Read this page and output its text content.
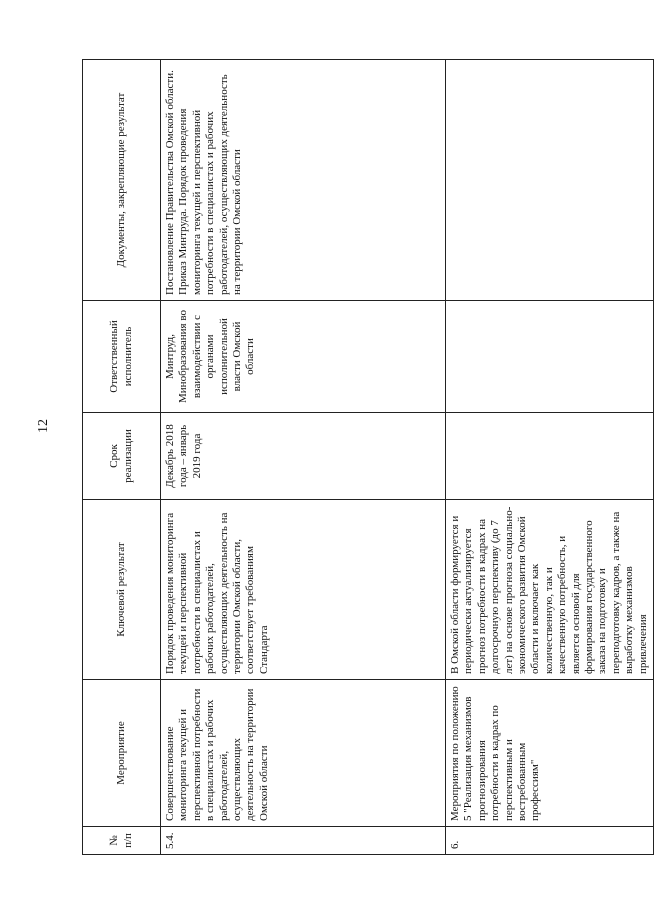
12
№ п/п	Мероприятие	Ключевой результат	Срок реализации	Ответственный исполнитель	Документы, закрепляющие результат
5.4.	Совершенствование мониторинга текущей и перспективной потребности в специалистах и рабочих работодателей, осуществляющих деятельность на территории Омской области	Порядок проведения мониторинга текущей и перспективной потребности в специалистах и рабочих работодателей, осуществляющих деятельность на территории Омской области, соответствует требованиям Стандарта	Декабрь 2018 года – январь 2019 года	Минтруд, Минобразования во взаимодействии с органами исполнительной власти Омской области	Постановление Правительства Омской области. Приказ Минтруда. Порядок проведения мониторинга текущей и перспективной потребности в специалистах и рабочих работодателей, осуществляющих деятельность на территории Омской области
6.	Мероприятия по положению 5 "Реализация механизмов прогнозирования потребности в кадрах по перспективным и востребованным профессиям"	В Омской области формируется и периодически актуализируется прогноз потребности в кадрах на долгосрочную перспективу (до 7 лет) на основе прогноза социально-экономического развития Омской области и включает как количественную, так и качественную потребность, и является основой для формирования государственного заказа на подготовку и переподготовку кадров, а также на выработку механизмов привлечения			
